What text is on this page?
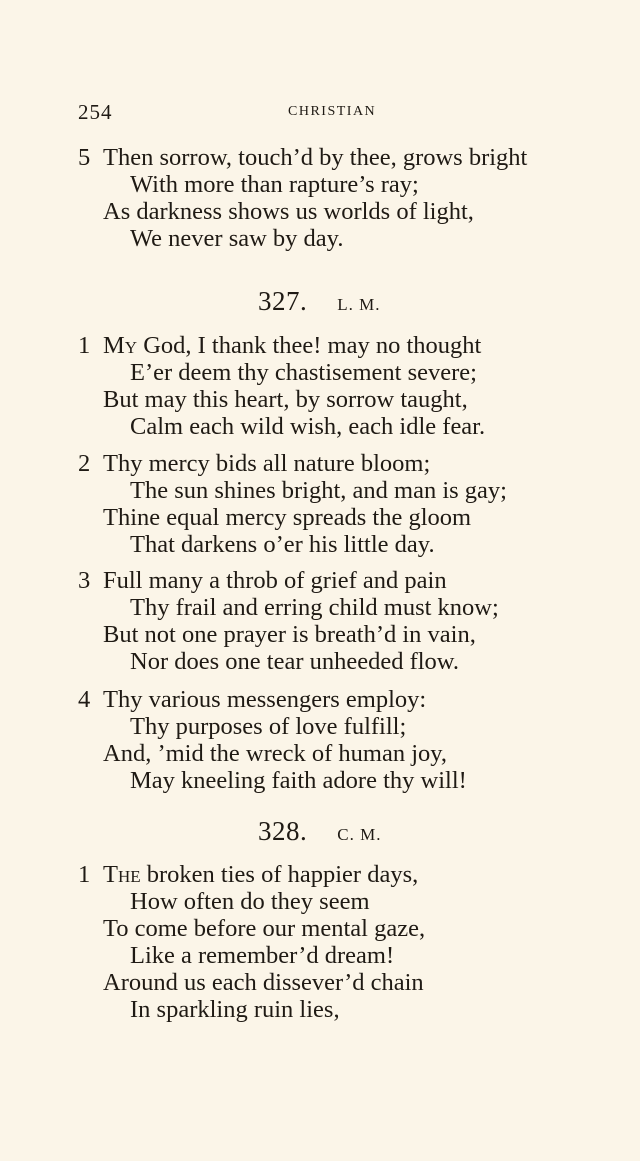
254	CHRISTIAN
5 Then sorrow, touch’d by thee, grows bright
With more than rapture’s ray;
As darkness shows us worlds of light,
We never saw by day.
327. L. M.
1 My God, I thank thee! may no thought
E’er deem thy chastisement severe;
But may this heart, by sorrow taught,
Calm each wild wish, each idle fear.
2 Thy mercy bids all nature bloom;
The sun shines bright, and man is gay;
Thine equal mercy spreads the gloom
That darkens o’er his little day.
3 Full many a throb of grief and pain
Thy frail and erring child must know;
But not one prayer is breath’d in vain,
Nor does one tear unheeded flow.
4 Thy various messengers employ:
Thy purposes of love fulfill;
And, ’mid the wreck of human joy,
May kneeling faith adore thy will!
328. C. M.
1 The broken ties of happier days,
How often do they seem
To come before our mental gaze,
Like a remember’d dream!
Around us each dissever’d chain
In sparkling ruin lies,
